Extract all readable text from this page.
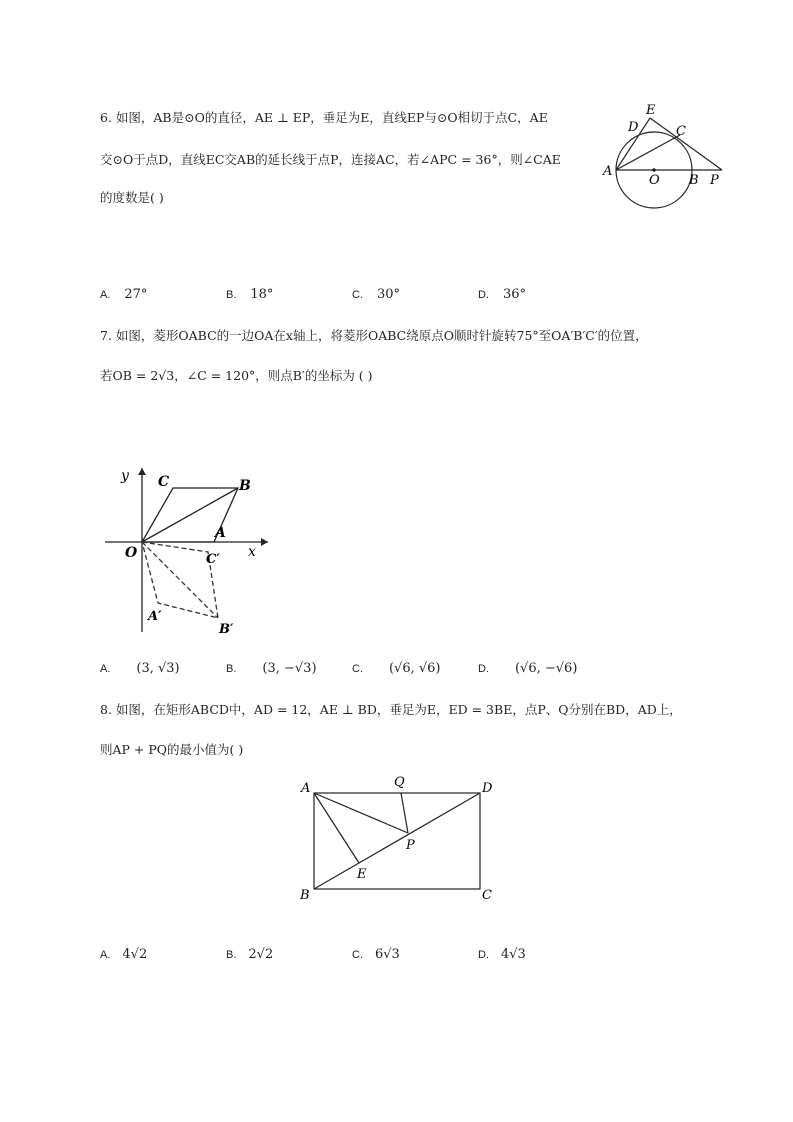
6. 如图，AB是⊙O的直径，AE ⊥ EP，垂足为E，直线EP与⊙O相切于点C，AE
交⊙O于点D，直线EC交AB的延长线于点P，连接AC，若∠APC = 36°，则∠CAE
的度数是( )
E
D	C
A
O B P
A. 27°	B. 18°	C. 30°	D. 36°
7. 如图，菱形OABC的一边OA在x轴上，将菱形OABC绕原点O顺时针旋转75°至OA′B′C′的位置，
若OB = 2√3，∠C = 120°，则点B′的坐标为 ( )
y
x
O
C	B
A
C′
A′
B′
A. (3, √3)	B. (3, −√3)	C. (√6, √6)	D. (√6, −√6)
8. 如图，在矩形ABCD中，AD = 12，AE ⊥ BD，垂足为E，ED = 3BE，点P、Q分别在BD，AD上，
则AP + PQ的最小值为( )
A	Q	D
P
E
B	C
A. 4√2	B. 2√2	C. 6√3	D. 4√3
